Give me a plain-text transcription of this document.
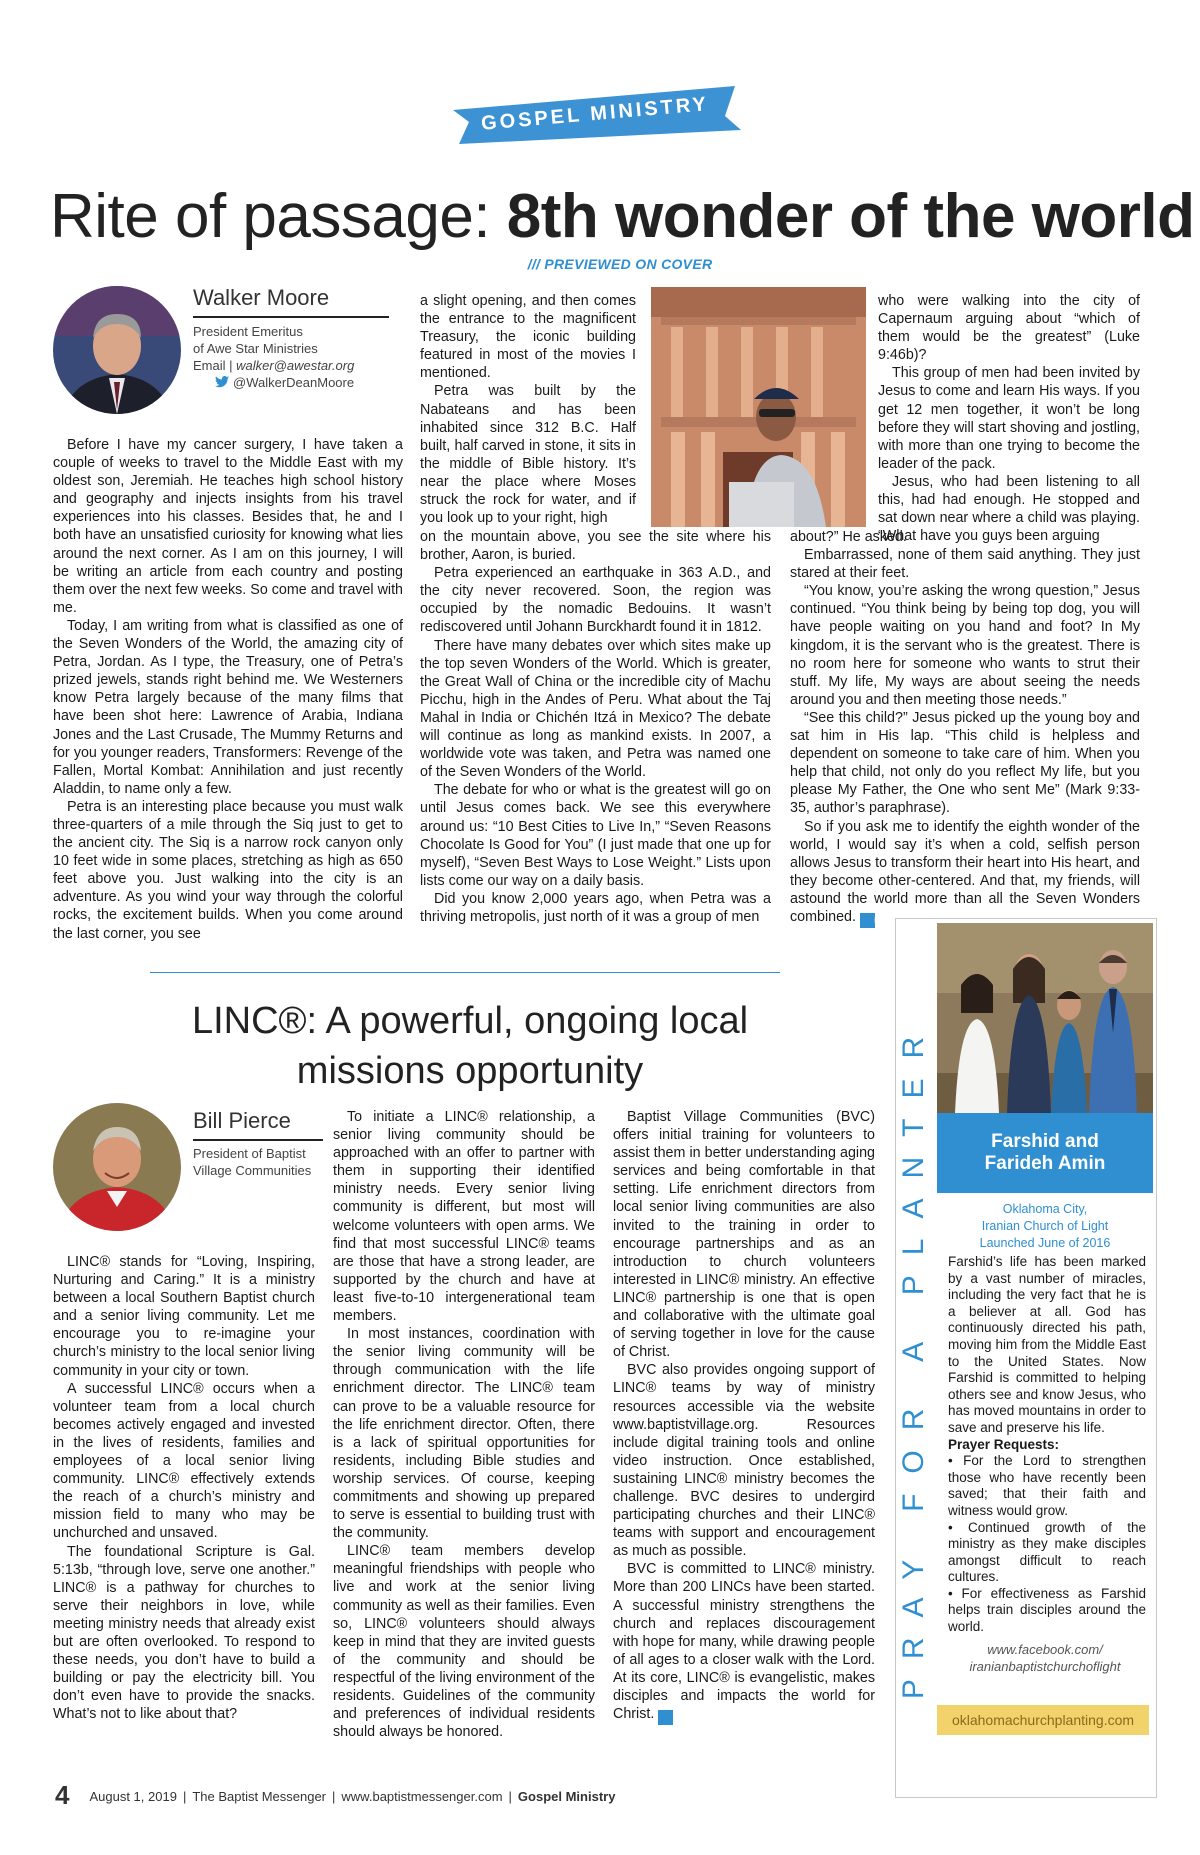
GOSPEL MINISTRY
Rite of passage: 8th wonder of the world
/// PREVIEWED ON COVER
Walker Moore
President Emeritus
of Awe Star Ministries
Email | walker@awestar.org
@WalkerDeanMoore

Before I have my cancer surgery, I have taken a couple of weeks to travel to the Middle East with my oldest son, Jeremiah. He teaches high school history and geography and injects insights from his travel experiences into his classes. Besides that, he and I both have an unsatisfied curiosity for knowing what lies around the next corner. As I am on this journey, I will be writing an article from each country and posting them over the next few weeks. So come and travel with me.

Today, I am writing from what is classified as one of the Seven Wonders of the World, the amazing city of Petra, Jordan. As I type, the Treasury, one of Petra’s prized jewels, stands right behind me. We Westerners know Petra largely because of the many films that have been shot here: Lawrence of Arabia, Indiana Jones and the Last Crusade, The Mummy Returns and for you younger readers, Transformers: Revenge of the Fallen, Mortal Kombat: Annihilation and just recently Aladdin, to name only a few.

Petra is an interesting place because you must walk three-quarters of a mile through the Siq just to get to the ancient city. The Siq is a narrow rock canyon only 10 feet wide in some places, stretching as high as 650 feet above you. Just walking into the city is an adventure. As you wind your way through the colorful rocks, the excitement builds. When you come around the last corner, you see

a slight opening, and then comes the entrance to the magnificent Treasury, the iconic building featured in most of the movies I mentioned.

Petra was built by the Nabateans and has been inhabited since 312 B.C. Half built, half carved in stone, it sits in the middle of Bible history. It’s near the place where Moses struck the rock for water, and if you look up to your right, high

on the mountain above, you see the site where his brother, Aaron, is buried.

Petra experienced an earthquake in 363 A.D., and the city never recovered. Soon, the region was occupied by the nomadic Bedouins. It wasn’t rediscovered until Johann Burckhardt found it in 1812.

There have many debates over which sites make up the top seven Wonders of the World. Which is greater, the Great Wall of China or the incredible city of Machu Picchu, high in the Andes of Peru. What about the Taj Mahal in India or Chichén Itzá in Mexico? The debate will continue as long as mankind exists. In 2007, a worldwide vote was taken, and Petra was named one of the Seven Wonders of the World.

The debate for who or what is the greatest will go on until Jesus comes back. We see this everywhere around us: “10 Best Cities to Live In,” “Seven Reasons Chocolate Is Good for You” (I just made that one up for myself), “Seven Best Ways to Lose Weight.” Lists upon lists come our way on a daily basis.

Did you know 2,000 years ago, when Petra was a thriving metropolis, just north of it was a group of men

who were walking into the city of Capernaum arguing about “which of them would be the greatest” (Luke 9:46b)?

This group of men had been invited by Jesus to come and learn His ways. If you get 12 men together, it won’t be long before they will start shoving and jostling, with more than one trying to become the leader of the pack.

Jesus, who had been listening to all this, had had enough. He stopped and sat down near where a child was playing. “What have you guys been arguing

about?” He asked.

Embarrassed, none of them said anything. They just stared at their feet.

“You know, you’re asking the wrong question,” Jesus continued. “You think being by being top dog, you will have people waiting on you hand and foot? In My kingdom, it is the servant who is the greatest. There is no room here for someone who wants to strut their stuff. My life, My ways are about seeing the needs around you and then meeting those needs.”

“See this child?” Jesus picked up the young boy and sat him in His lap. “This child is helpless and dependent on someone to take care of him. When you help that child, not only do you reflect My life, but you please My Father, the One who sent Me” (Mark 9:33-35, author’s paraphrase).

So if you ask me to identify the eighth wonder of the world, I would say it’s when a cold, selfish person allows Jesus to transform their heart into His heart, and they become other-centered. And that, my friends, will astound the world more than all the Seven Wonders combined. m

LINC®: A powerful, ongoing local missions opportunity
Bill Pierce
President of Baptist
Village Communities

LINC® stands for “Loving, Inspiring, Nurturing and Caring.” It is a ministry between a local Southern Baptist church and a senior living community. Let me encourage you to re-imagine your church’s ministry to the local senior living community in your city or town.

A successful LINC® occurs when a volunteer team from a local church becomes actively engaged and invested in the lives of residents, families and employees of a local senior living community. LINC® effectively extends the reach of a church’s ministry and mission field to many who may be unchurched and unsaved.

The foundational Scripture is Gal. 5:13b, “through love, serve one another.” LINC® is a pathway for churches to serve their neighbors in love, while meeting ministry needs that already exist but are often overlooked. To respond to these needs, you don’t have to build a building or pay the electricity bill. You don’t even have to provide the snacks. What’s not to like about that?

To initiate a LINC® relationship, a senior living community should be approached with an offer to partner with them in supporting their identified ministry needs. Every senior living community is different, but most will welcome volunteers with open arms. We find that most successful LINC® teams are those that have a strong leader, are supported by the church and have at least five-to-10 intergenerational team members.

In most instances, coordination with the senior living community will be through communication with the life enrichment director. The LINC® team can prove to be a valuable resource for the life enrichment director. Often, there is a lack of spiritual opportunities for residents, including Bible studies and worship services. Of course, keeping commitments and showing up prepared to serve is essential to building trust with the community.

LINC® team members develop meaningful friendships with people who live and work at the senior living community as well as their families. Even so, LINC® volunteers should always keep in mind that they are invited guests of the community and should be respectful of the living environment of the residents. Guidelines of the community and preferences of individual residents should always be honored.

Baptist Village Communities (BVC) offers initial training for volunteers to assist them in better understanding aging services and being comfortable in that setting. Life enrichment directors from local senior living communities are also invited to the training in order to encourage partnerships and as an introduction to church volunteers interested in LINC® ministry. An effective LINC® partnership is one that is open and collaborative with the ultimate goal of serving together in love for the cause of Christ.

BVC also provides ongoing support of LINC® teams by way of ministry resources accessible via the website www.baptistvillage.org. Resources include digital training tools and online video instruction. Once established, sustaining LINC® ministry becomes the challenge. BVC desires to undergird participating churches and their LINC® teams with support and encouragement as much as possible.

BVC is committed to LINC® ministry. More than 200 LINCs have been started. A successful ministry strengthens the church and replaces discouragement with hope for many, while drawing people of all ages to a closer walk with the Lord. At its core, LINC® is evangelistic, makes disciples and impacts the world for Christ. m

PRAY FOR A PLANTER	Farshid and
Farideh Amin
Oklahoma City,
Iranian Church of Light
Launched June of 2016
Farshid’s life has been marked by a vast number of miracles, including the very fact that he is a believer at all. God has continuously directed his path, moving him from the Middle East to the United States. Now Farshid is committed to helping others see and know Jesus, who has moved mountains in order to save and preserve his life.
Prayer Requests:
• For the Lord to strengthen those who have recently been saved; that their faith and witness would grow.
• Continued growth of the ministry as they make disciples amongst difficult to reach cultures.
• For effectiveness as Farshid helps train disciples around the world.
www.facebook.com/
iranianbaptistchurchoflight
oklahomachurchplanting.com
4 August 1, 2019 | The Baptist Messenger | www.baptistmessenger.com | Gospel Ministry
